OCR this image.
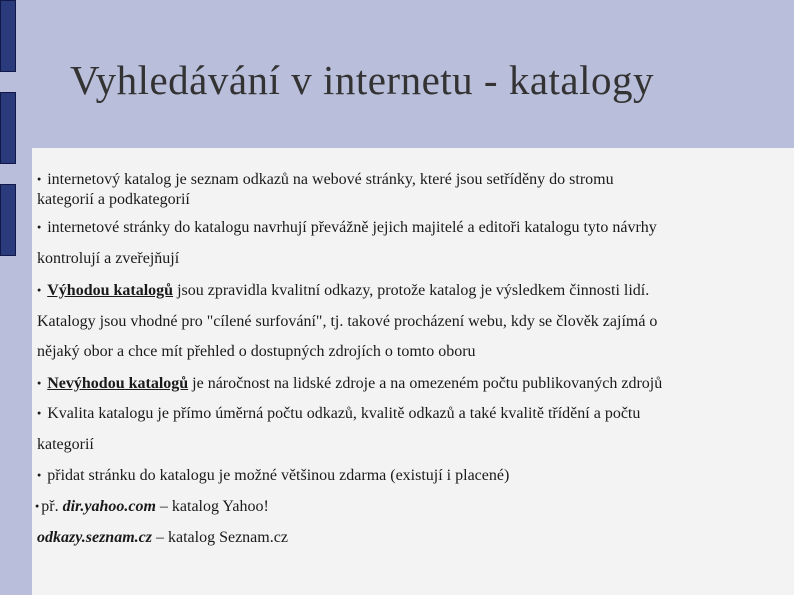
Vyhledávání v internetu - katalogy
● internetový katalog je seznam odkazů na webové stránky, které jsou setříděny do stromu
kategorií a podkategorií
● internetové stránky do katalogu navrhují převážně jejich majitelé a editoři katalogu tyto návrhy
kontrolují a zveřejňují
● Výhodou katalogů jsou zpravidla kvalitní odkazy, protože katalog je výsledkem činnosti lidí.
Katalogy jsou vhodné pro "cílené surfování", tj. takové procházení webu, kdy se člověk zajímá o
nějaký obor a chce mít přehled o dostupných zdrojích o tomto oboru
● Nevýhodou katalogů je náročnost na lidské zdroje a na omezeném počtu publikovaných zdrojů
● Kvalita katalogu je přímo úměrná počtu odkazů, kvalitě odkazů a také kvalitě třídění a počtu
kategorií
● přidat stránku do katalogu je možné většinou zdarma (existují i placené)
● př. dir.yahoo.com – katalog Yahoo!
odkazy.seznam.cz – katalog Seznam.cz
